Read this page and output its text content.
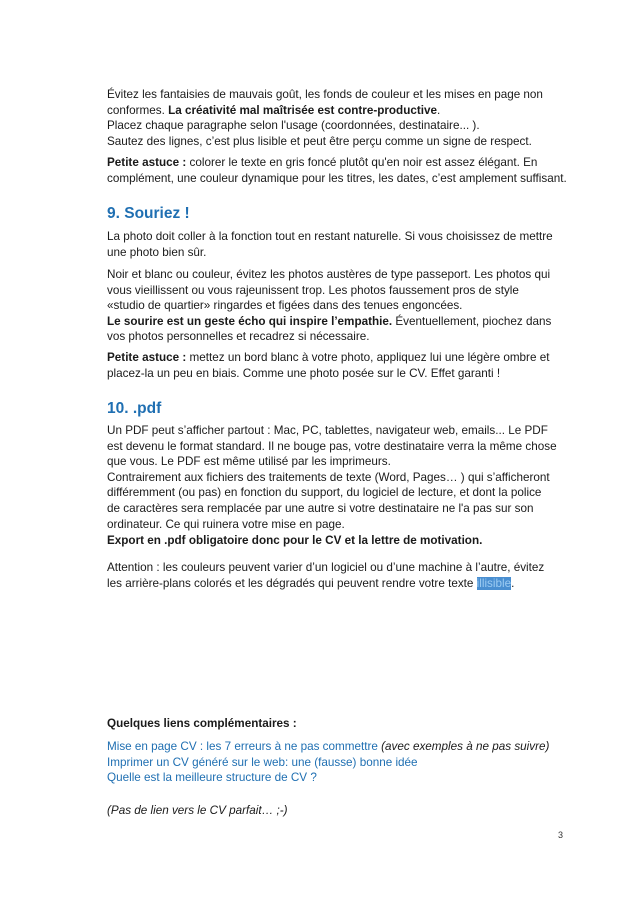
Évitez les fantaisies de mauvais goût, les fonds de couleur et les mises en page non
conformes. La créativité mal maîtrisée est contre-productive.
Placez chaque paragraphe selon l'usage (coordonnées, destinataire... ).
Sautez des lignes, c’est plus lisible et peut être perçu comme un signe de respect.

Petite astuce : colorer le texte en gris foncé plutôt qu'en noir est assez élégant. En
complément, une couleur dynamique pour les titres, les dates, c’est amplement suffisant.

9. Souriez !

La photo doit coller à la fonction tout en restant naturelle. Si vous choisissez de mettre
une photo bien sûr.

Noir et blanc ou couleur, évitez les photos austères de type passeport. Les photos qui
vous vieillissent ou vous rajeunissent trop. Les photos faussement pros de style
«studio de quartier» ringardes et figées dans des tenues engoncées.
Le sourire est un geste écho qui inspire l’empathie. Éventuellement, piochez dans
vos photos personnelles et recadrez si nécessaire.

Petite astuce : mettez un bord blanc à votre photo, appliquez lui une légère ombre et
placez-la un peu en biais. Comme une photo posée sur le CV. Effet garanti !

10. .pdf

Un PDF peut s’afficher partout : Mac, PC, tablettes, navigateur web, emails... Le PDF
est devenu le format standard. Il ne bouge pas, votre destinataire verra la même chose
que vous. Le PDF est même utilisé par les imprimeurs.
Contrairement aux fichiers des traitements de texte (Word, Pages… ) qui s’afficheront
différemment (ou pas) en fonction du support, du logiciel de lecture, et dont la police
de caractères sera remplacée par une autre si votre destinataire ne l'a pas sur son
ordinateur. Ce qui ruinera votre mise en page.

Export en .pdf obligatoire donc pour le CV et la lettre de motivation.

Attention : les couleurs peuvent varier d’un logiciel ou d’une machine à l’autre, évitez
les arrière-plans colorés et les dégradés qui peuvent rendre votre texte illisible.

Quelques liens complémentaires :

Mise en page CV : les 7 erreurs à ne pas commettre (avec exemples à ne pas suivre)
Imprimer un CV généré sur le web: une (fausse) bonne idée
Quelle est la meilleure structure de CV ?

(Pas de lien vers le CV parfait… ;-)

3
